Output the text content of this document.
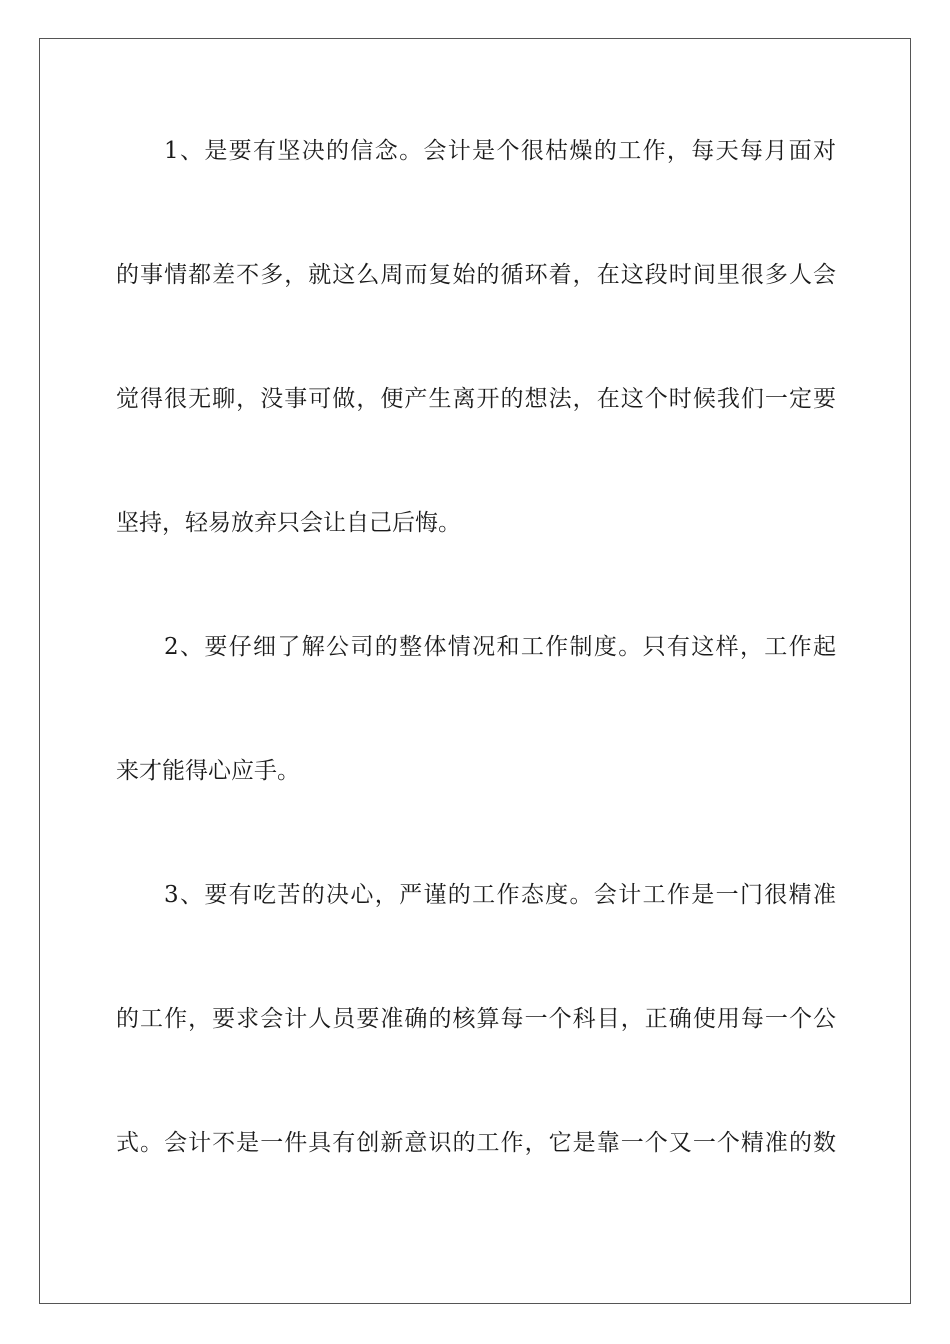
1、是要有坚决的信念。会计是个很枯燥的工作，每天每月面对
的事情都差不多，就这么周而复始的循环着，在这段时间里很多人会
觉得很无聊，没事可做，便产生离开的想法，在这个时候我们一定要
坚持，轻易放弃只会让自己后悔。
2、要仔细了解公司的整体情况和工作制度。只有这样，工作起
来才能得心应手。
3、要有吃苦的决心，严谨的工作态度。会计工作是一门很精准
的工作，要求会计人员要准确的核算每一个科目，正确使用每一个公
式。会计不是一件具有创新意识的工作，它是靠一个又一个精准的数
